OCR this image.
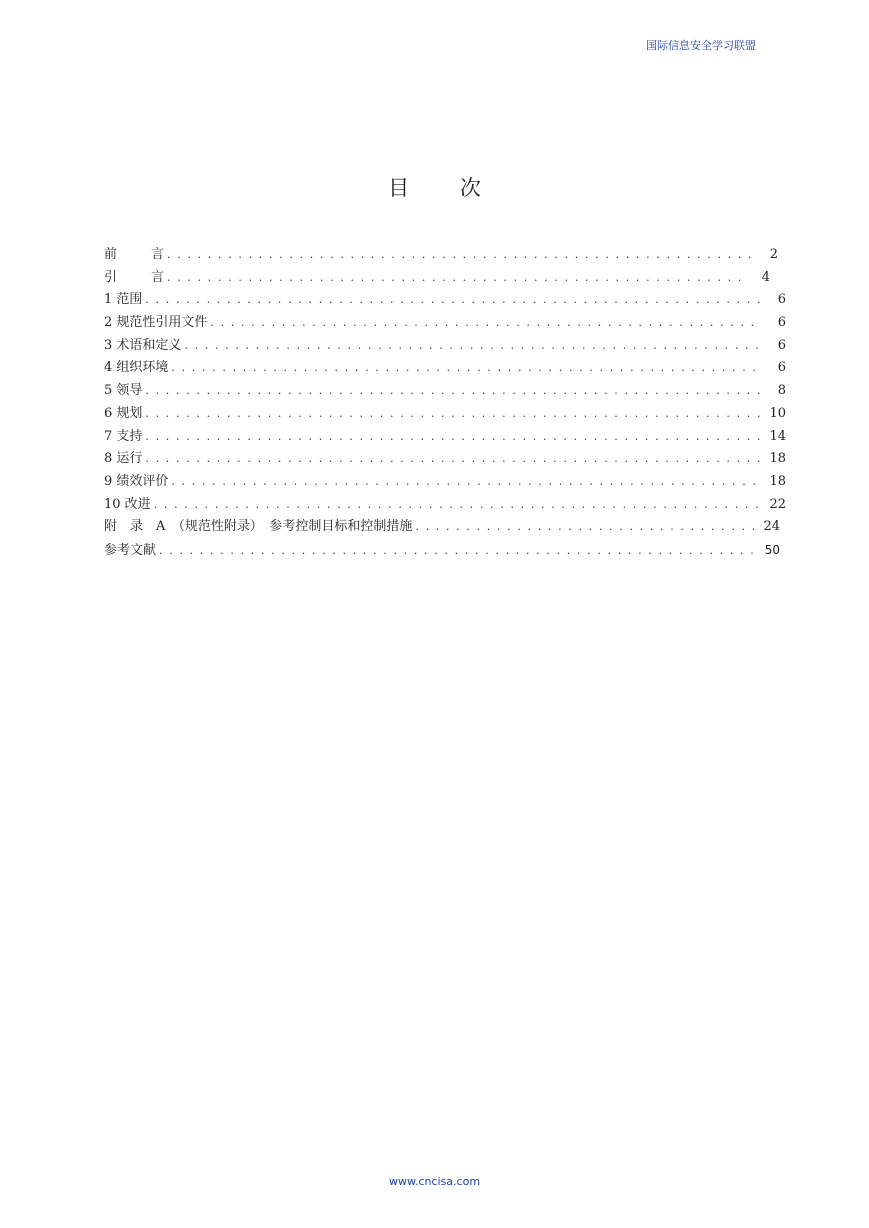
国际信息安全学习联盟
目 次
前	言 . . .	2
引	言 . . .	4
1 范围 . . .	6
2 规范性引用文件 . . .	6
3 术语和定义 . . .	6
4 组织环境 . . .	6
5 领导 . . .	8
6 规划 . . .	10
7 支持 . . .	14
8 运行 . . .	18
9 绩效评价 . . .	18
10 改进 . . .	22
附　录　A　（规范性附录）　参考控制目标和控制措施 . . .	24
参考文献 . . .	50
www.cncisa.com
